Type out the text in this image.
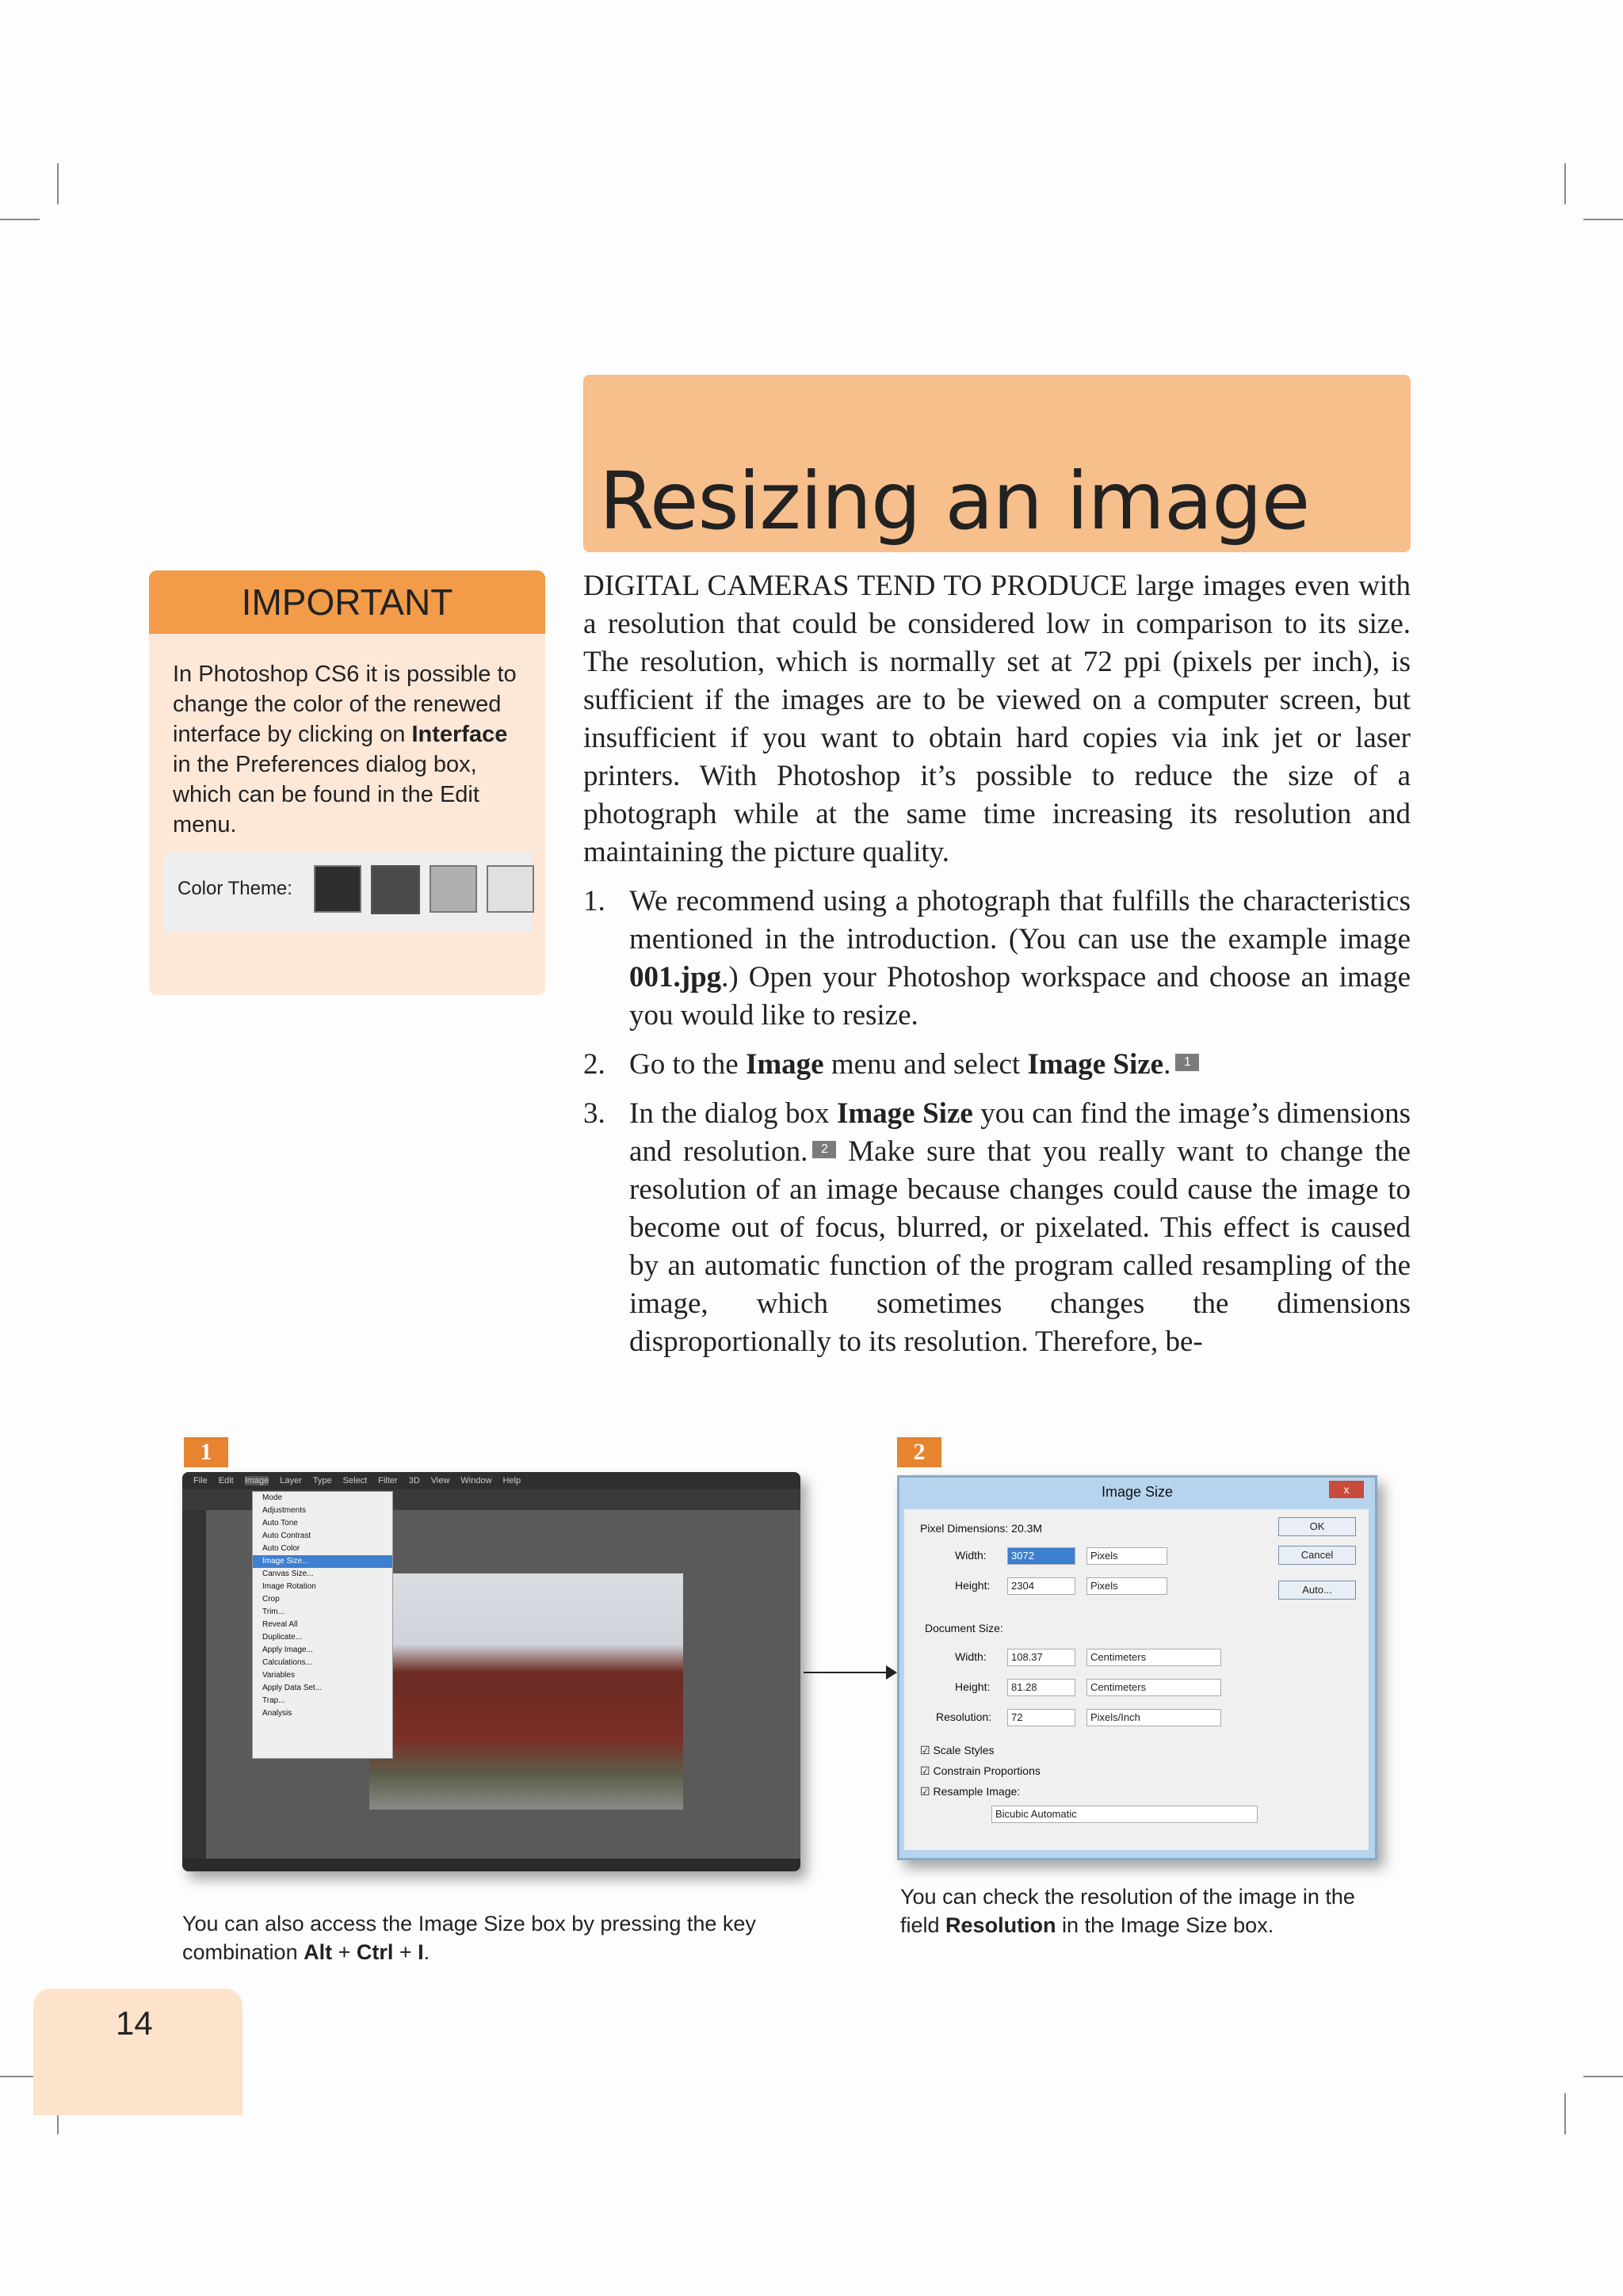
Resizing an image
IMPORTANT
In Photoshop CS6 it is possible to change the color of the renewed interface by clicking on Interface in the Preferences dialog box, which can be found in the Edit menu.
Color Theme:

DIGITAL CAMERAS TEND TO PRODUCE large images even with a resolution that could be considered low in comparison to its size. The resolution, which is normally set at 72 ppi (pixels per inch), is sufficient if the images are to be viewed on a computer screen, but insufficient if you want to obtain hard copies via ink jet or laser printers. With Photoshop it’s possible to reduce the size of a photograph while at the same time increasing its resolution and maintaining the picture quality.

1. We recommend using a photograph that fulfills the characteristics mentioned in the introduction. (You can use the example image 001.jpg.) Open your Photoshop workspace and choose an image you would like to resize.
2. Go to the Image menu and select Image Size. 1
3. In the dialog box Image Size you can find the image’s dimensions and resolution. 2 Make sure that you really want to change the resolution of an image because changes could cause the image to become out of focus, blurred, or pixelated. This effect is caused by an automatic function of the program called resampling of the image, which sometimes changes the dimensions disproportionally to its resolution. Therefore, be-
1
File Edit Image Layer Type Select Filter 3D View Window Help
Mode
Adjustments
Auto Tone
Auto Contrast
Auto Color
Image Size...
Canvas Size...
Image Rotation
Crop
Trim...
Reveal All
Duplicate...
Apply Image...
Calculations...
Variables
Apply Data Set...
Trap...
Analysis
You can also access the Image Size box by pressing the key combination Alt + Ctrl + I.
2
Image Size	x
Pixel Dimensions: 20.3M
Width:	3072	Pixels
Height:	2304	Pixels
Document Size:
Width:	108.37	Centimeters
Height:	81.28	Centimeters
Resolution:	72	Pixels/Inch
☑ Scale Styles
☑ Constrain Proportions
☑ Resample Image:
Bicubic Automatic
OK
Cancel
Auto...
You can check the resolution of the image in the field Resolution in the Image Size box.
14
